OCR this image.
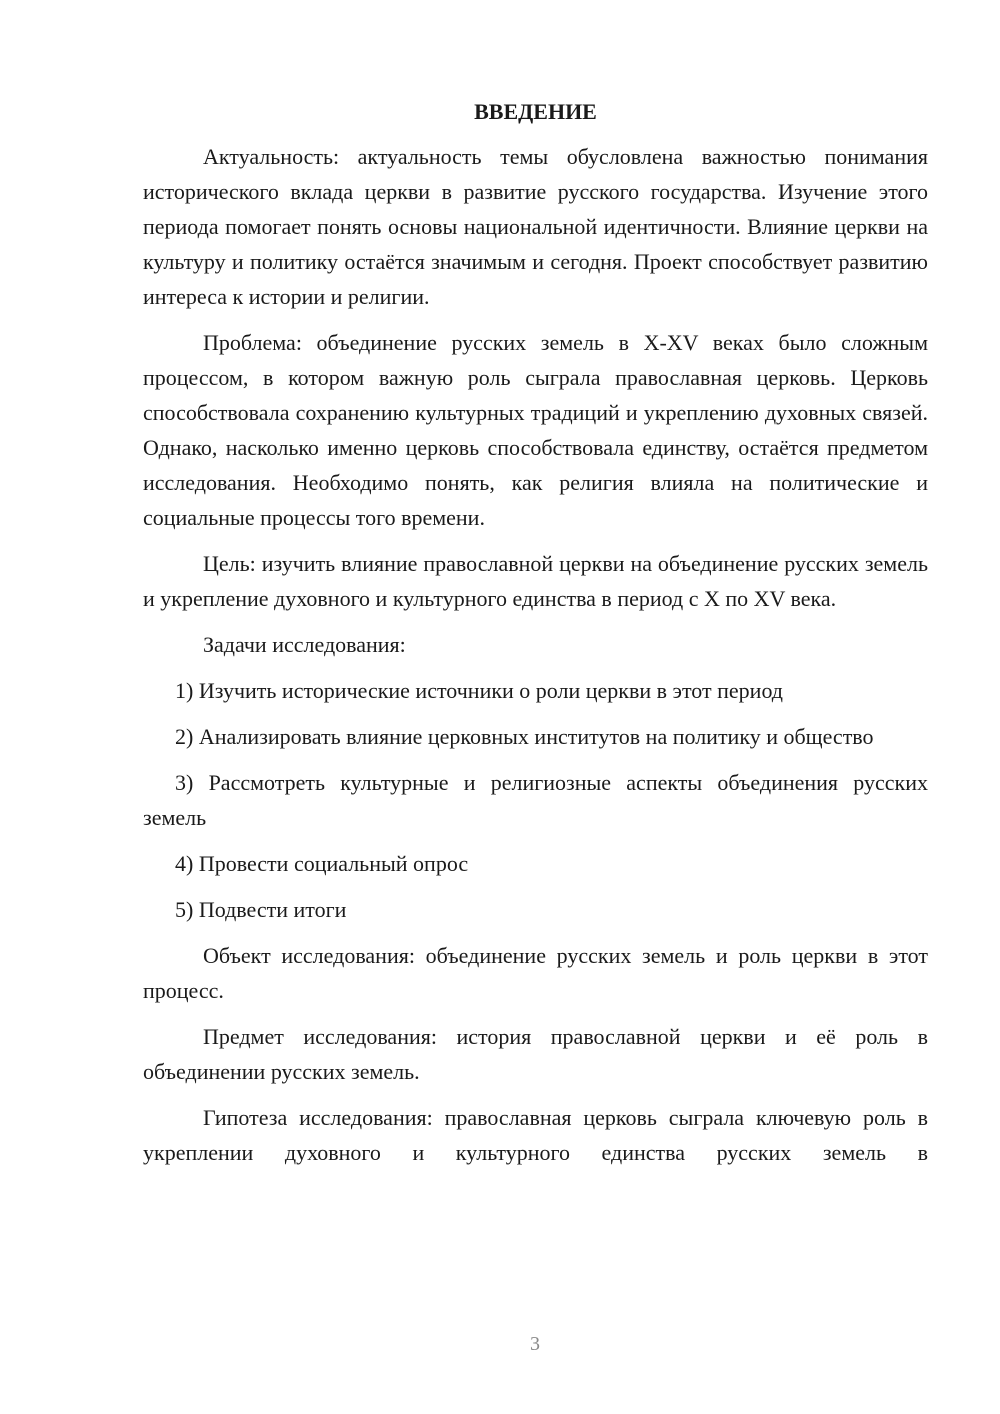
ВВЕДЕНИЕ

Актуальность: актуальность темы обусловлена важностью понимания исторического вклада церкви в развитие русского государства. Изучение этого периода помогает понять основы национальной идентичности. Влияние церкви на культуру и политику остаётся значимым и сегодня. Проект способствует развитию интереса к истории и религии.

Проблема: объединение русских земель в X-XV веках было сложным процессом, в котором важную роль сыграла православная церковь. Церковь способствовала сохранению культурных традиций и укреплению духовных связей. Однако, насколько именно церковь способствовала единству, остаётся предметом исследования. Необходимо понять, как религия влияла на политические и социальные процессы того времени.

Цель: изучить влияние православной церкви на объединение русских земель и укрепление духовного и культурного единства в период с X по XV века.

Задачи исследования:

1) Изучить исторические источники о роли церкви в этот период

2) Анализировать влияние церковных институтов на политику и общество

3) Рассмотреть культурные и религиозные аспекты объединения русских земель

4) Провести социальный опрос

5) Подвести итоги

Объект исследования: объединение русских земель и роль церкви в этот процесс.

Предмет исследования: история православной церкви и её роль в объединении русских земель.

Гипотеза исследования: православная церковь сыграла ключевую роль в укреплении духовного и культурного единства русских земель в

3
